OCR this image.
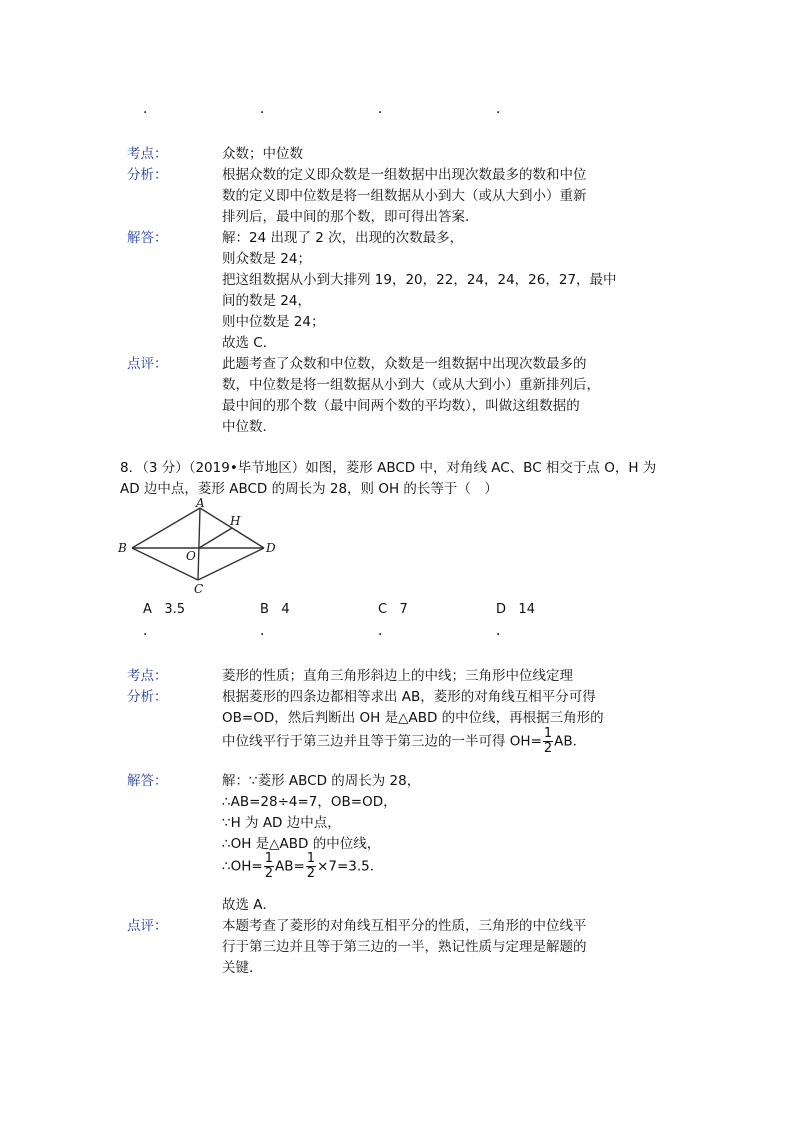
．	．	．	．
考点：	众数；中位数
分析：	根据众数的定义即众数是一组数据中出现次数最多的数和中位
数的定义即中位数是将一组数据从小到大（或从大到小）重新
排列后，最中间的那个数，即可得出答案．
解答：	解：24 出现了 2 次，出现的次数最多，
则众数是 24；
把这组数据从小到大排列 19，20，22，24，24，26，27，最中
间的数是 24，
则中位数是 24；
故选 C．
点评：	此题考查了众数和中位数，众数是一组数据中出现次数最多的
数，中位数是将一组数据从小到大（或从大到小）重新排列后，
最中间的那个数（最中间两个数的平均数），叫做这组数据的
中位数．
8．（3 分）（2019•毕节地区）如图，菱形 ABCD 中，对角线 AC、BC 相交于点 O，H 为
AD 边中点，菱形 ABCD 的周长为 28，则 OH 的长等于（　）
A
B
C
D
O
H
A 3.5	B 4	C 7	D 14
．	．	．	．
考点：	菱形的性质；直角三角形斜边上的中线；三角形中位线定理
分析：	根据菱形的四条边都相等求出 AB，菱形的对角线互相平分可得
OB=OD，然后判断出 OH 是△ABD 的中位线，再根据三角形的
中位线平行于第三边并且等于第三边的一半可得 $OH= \frac{1}{2}$ AB．
解答：	解：∵菱形 ABCD 的周长为 28，
∴AB=28÷4=7，OB=OD，
∵H 为 AD 边中点，
∴OH 是△ABD 的中位线，
∴OH= $\frac{1}{2} AB= \frac{1}{2} \times 7=3.5$．
故选 A．
点评：	本题考查了菱形的对角线互相平分的性质，三角形的中位线平
行于第三边并且等于第三边的一半，熟记性质与定理是解题的
关键．
